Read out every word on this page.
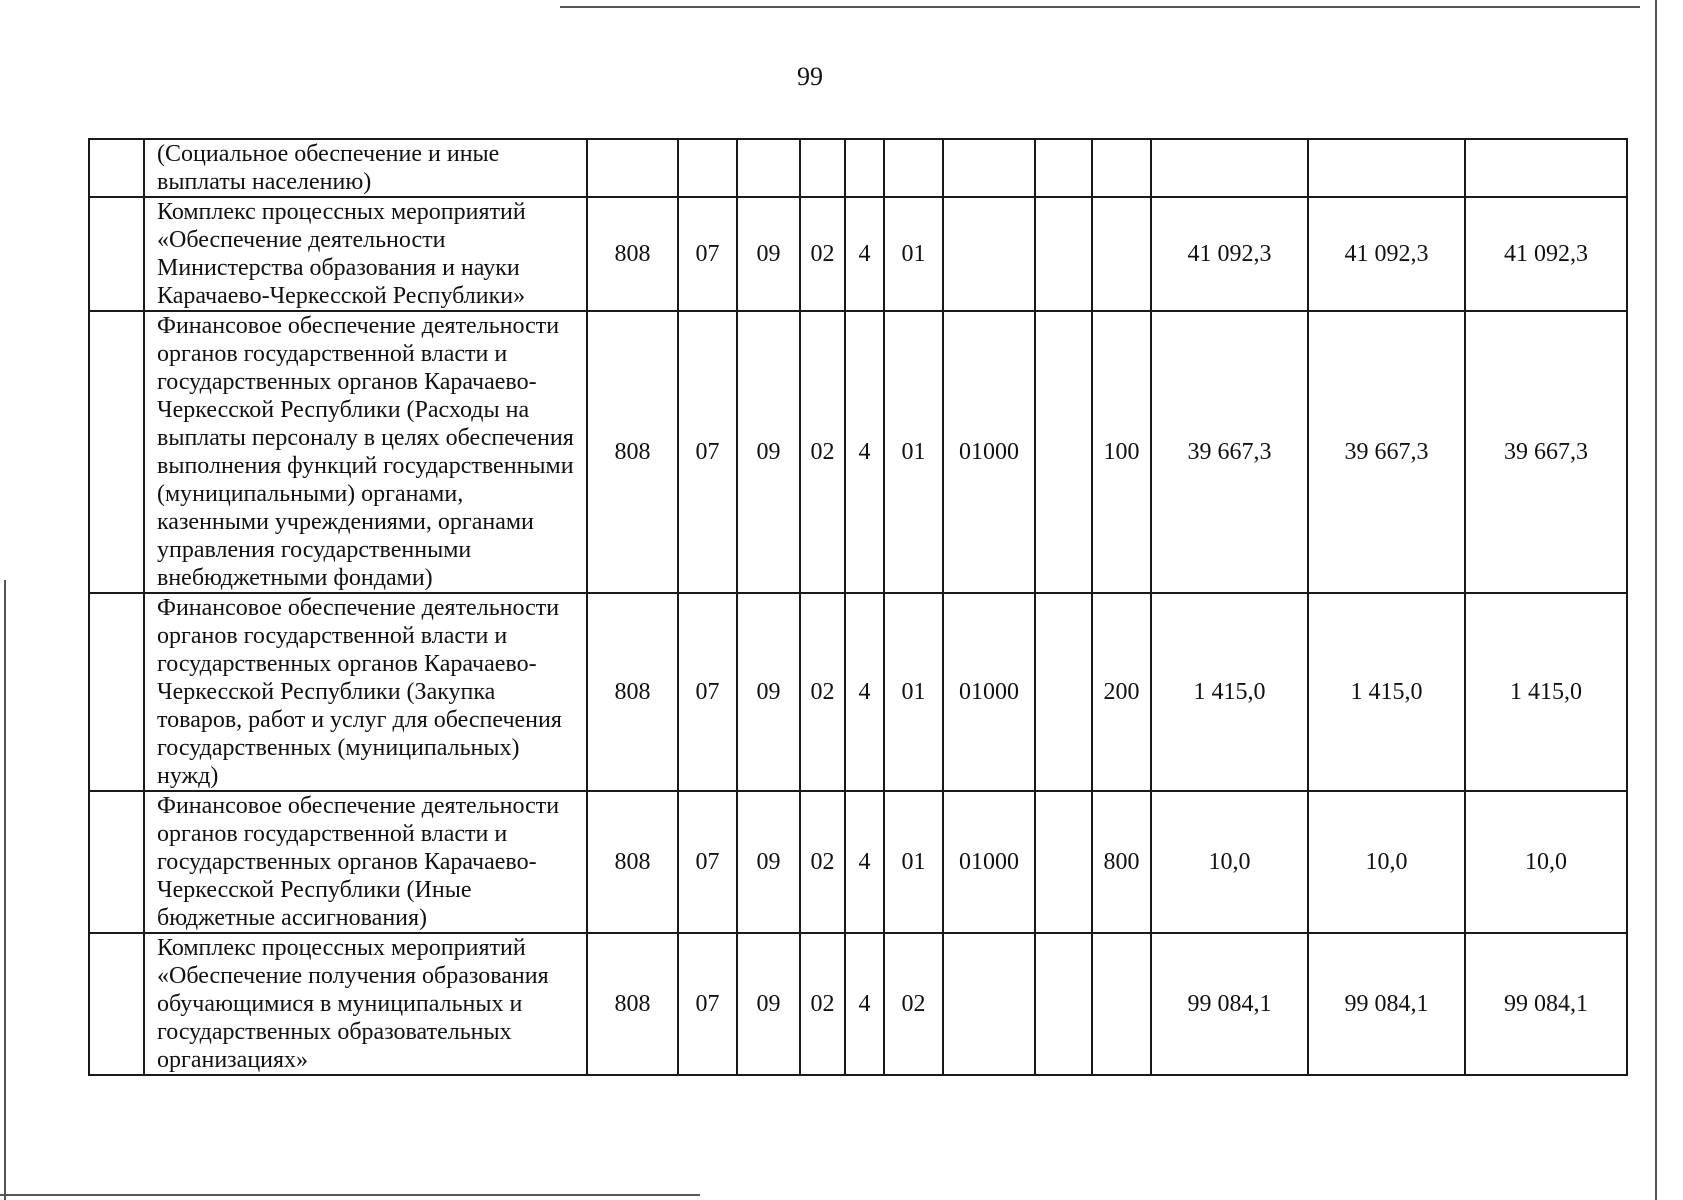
99
	(Социальное обеспечение и иные выплаты населению)												
	Комплекс процессных мероприятий «Обеспечение деятельности Министерства образования и науки Карачаево-Черкесской Республики»	808	07	09	02	4	01				41 092,3	41 092,3	41 092,3
	Финансовое обеспечение деятельности органов государственной власти и государственных органов Карачаево-Черкесской Республики (Расходы на выплаты персоналу в целях обеспечения выполнения функций государственными (муниципальными) органами, казенными учреждениями, органами управления государственными внебюджетными фондами)	808	07	09	02	4	01	01000		100	39 667,3	39 667,3	39 667,3
	Финансовое обеспечение деятельности органов государственной власти и государственных органов Карачаево-Черкесской Республики (Закупка товаров, работ и услуг для обеспечения государственных (муниципальных) нужд)	808	07	09	02	4	01	01000		200	1 415,0	1 415,0	1 415,0
	Финансовое обеспечение деятельности органов государственной власти и государственных органов Карачаево-Черкесской Республики (Иные бюджетные ассигнования)	808	07	09	02	4	01	01000		800	10,0	10,0	10,0
	Комплекс процессных мероприятий «Обеспечение получения образования обучающимися в муниципальных и государственных образовательных организациях»	808	07	09	02	4	02				99 084,1	99 084,1	99 084,1
